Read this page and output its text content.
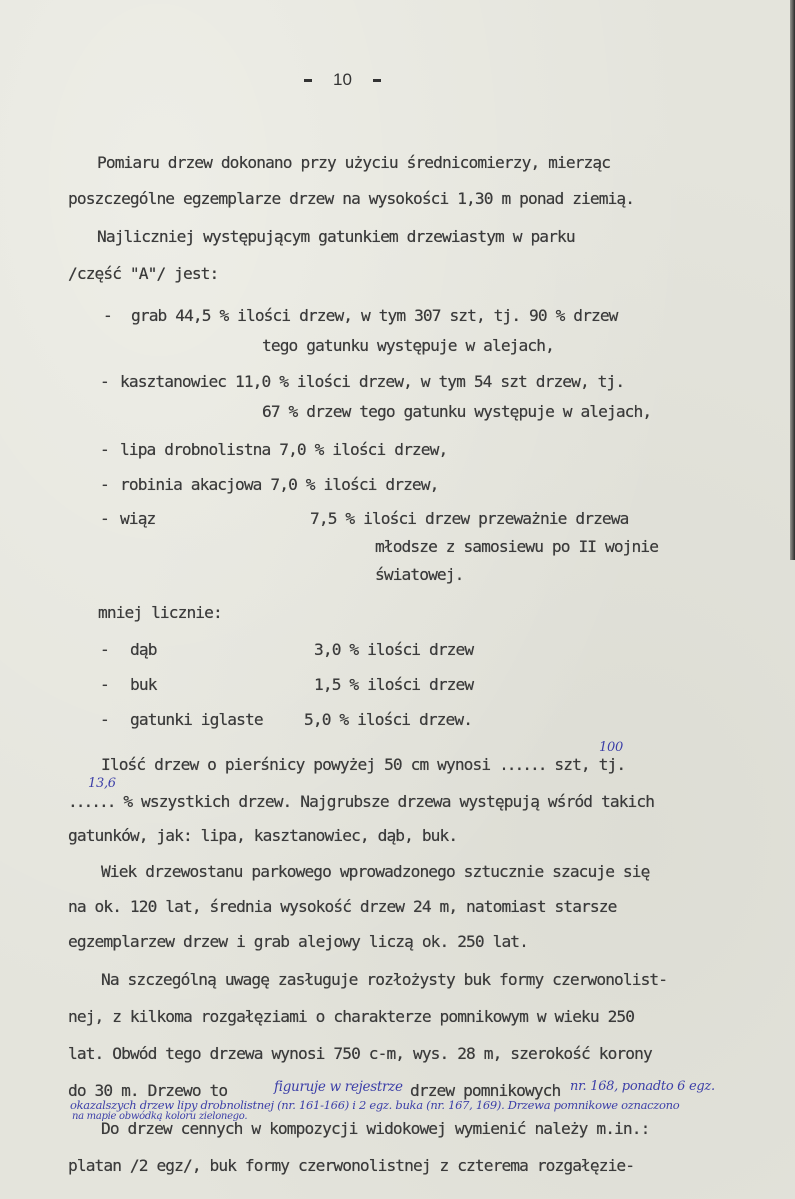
10
Pomiaru drzew dokonano przy użyciu średnicomierzy, mierząc
poszczególne egzemplarze drzew na wysokości 1,30 m ponad ziemią.
Najliczniej występującym gatunkiem drzewiastym w parku
/część "A"/ jest:
- grab 44,5 % ilości drzew, w tym 307 szt, tj. 90 % drzew
tego gatunku występuje w alejach,
- kasztanowiec 11,0 % ilości drzew, w tym 54 szt drzew, tj.
67 % drzew tego gatunku występuje w alejach,
- lipa drobnolistna 7,0 % ilości drzew,
- robinia akacjowa 7,0 % ilości drzew,
- wiąz	7,5 % ilości drzew przeważnie drzewa
młodsze z samosiewu po II wojnie
światowej.
mniej licznie:
- dąb	3,0 % ilości drzew
- buk	1,5 % ilości drzew
- gatunki iglaste	5,0 % ilości drzew.
Ilość drzew o pierśnicy powyżej 50 cm wynosi ...... szt, tj.
100
...... % wszystkich drzew. Najgrubsze drzewa występują wśród takich
13,6
gatunków, jak: lipa, kasztanowiec, dąb, buk.
Wiek drzewostanu parkowego wprowadzonego sztucznie szacuje się
na ok. 120 lat, średnia wysokość drzew 24 m, natomiast starsze
egzemplarzew drzew i grab alejowy liczą ok. 250 lat.
Na szczególną uwagę zasługuje rozłożysty buk formy czerwonolist-
nej, z kilkoma rozgałęziami o charakterze pomnikowym w wieku 250
lat. Obwód tego drzewa wynosi 750 c-m, wys. 28 m, szerokość korony
do 30 m. Drzewo to	figuruje w rejestrze drzew pomnikowych nr. 168, ponadto 6 egz.
okazalszych drzew lipy drobnolistnej (nr. 161-166) i 2 egz. buka (nr. 167, 169). Drzewa pomnikowe oznaczono
na mapie obwódką koloru zielonego.
Do drzew cennych w kompozycji widokowej wymienić należy m.in.:
platan /2 egz/, buk formy czerwonolistnej z czterema rozgałęzie-
